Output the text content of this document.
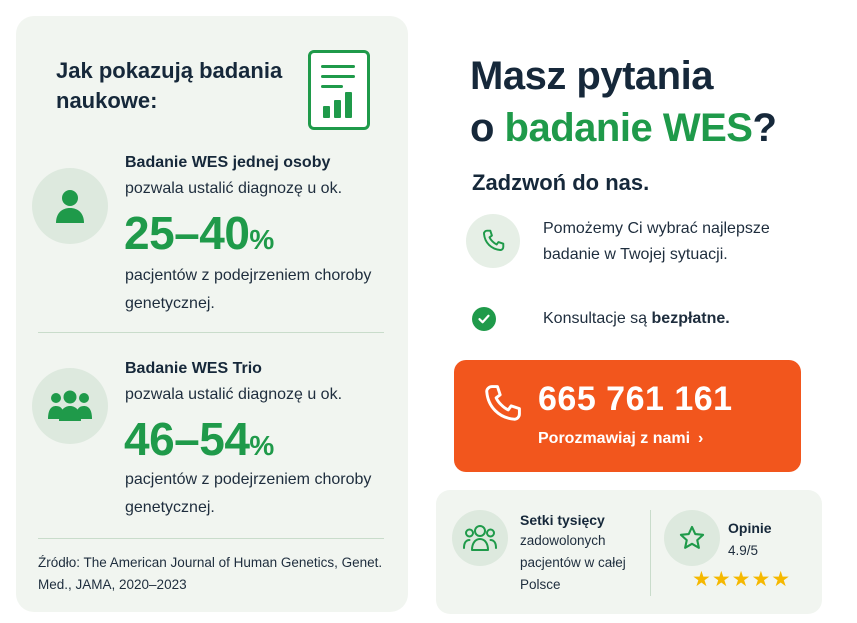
Jak pokazują badania naukowe:
Badanie WES jednej osoby
pozwala ustalić diagnozę u ok.
25–40%
pacjentów z podejrzeniem choroby genetycznej.
Badanie WES Trio
pozwala ustalić diagnozę u ok.
46–54%
pacjentów z podejrzeniem choroby genetycznej.
Źródło: The American Journal of Human Genetics, Genet. Med., JAMA, 2020–2023
Masz pytania
o badanie WES?
Zadzwoń do nas.
Pomożemy Ci wybrać najlepsze badanie w Twojej sytuacji.
Konsultacje są bezpłatne.
665 761 161
Porozmawiaj z nami ›
Setki tysięcy
zadowolonych pacjentów w całej Polsce
Opinie
4.9/5
★★★★★
